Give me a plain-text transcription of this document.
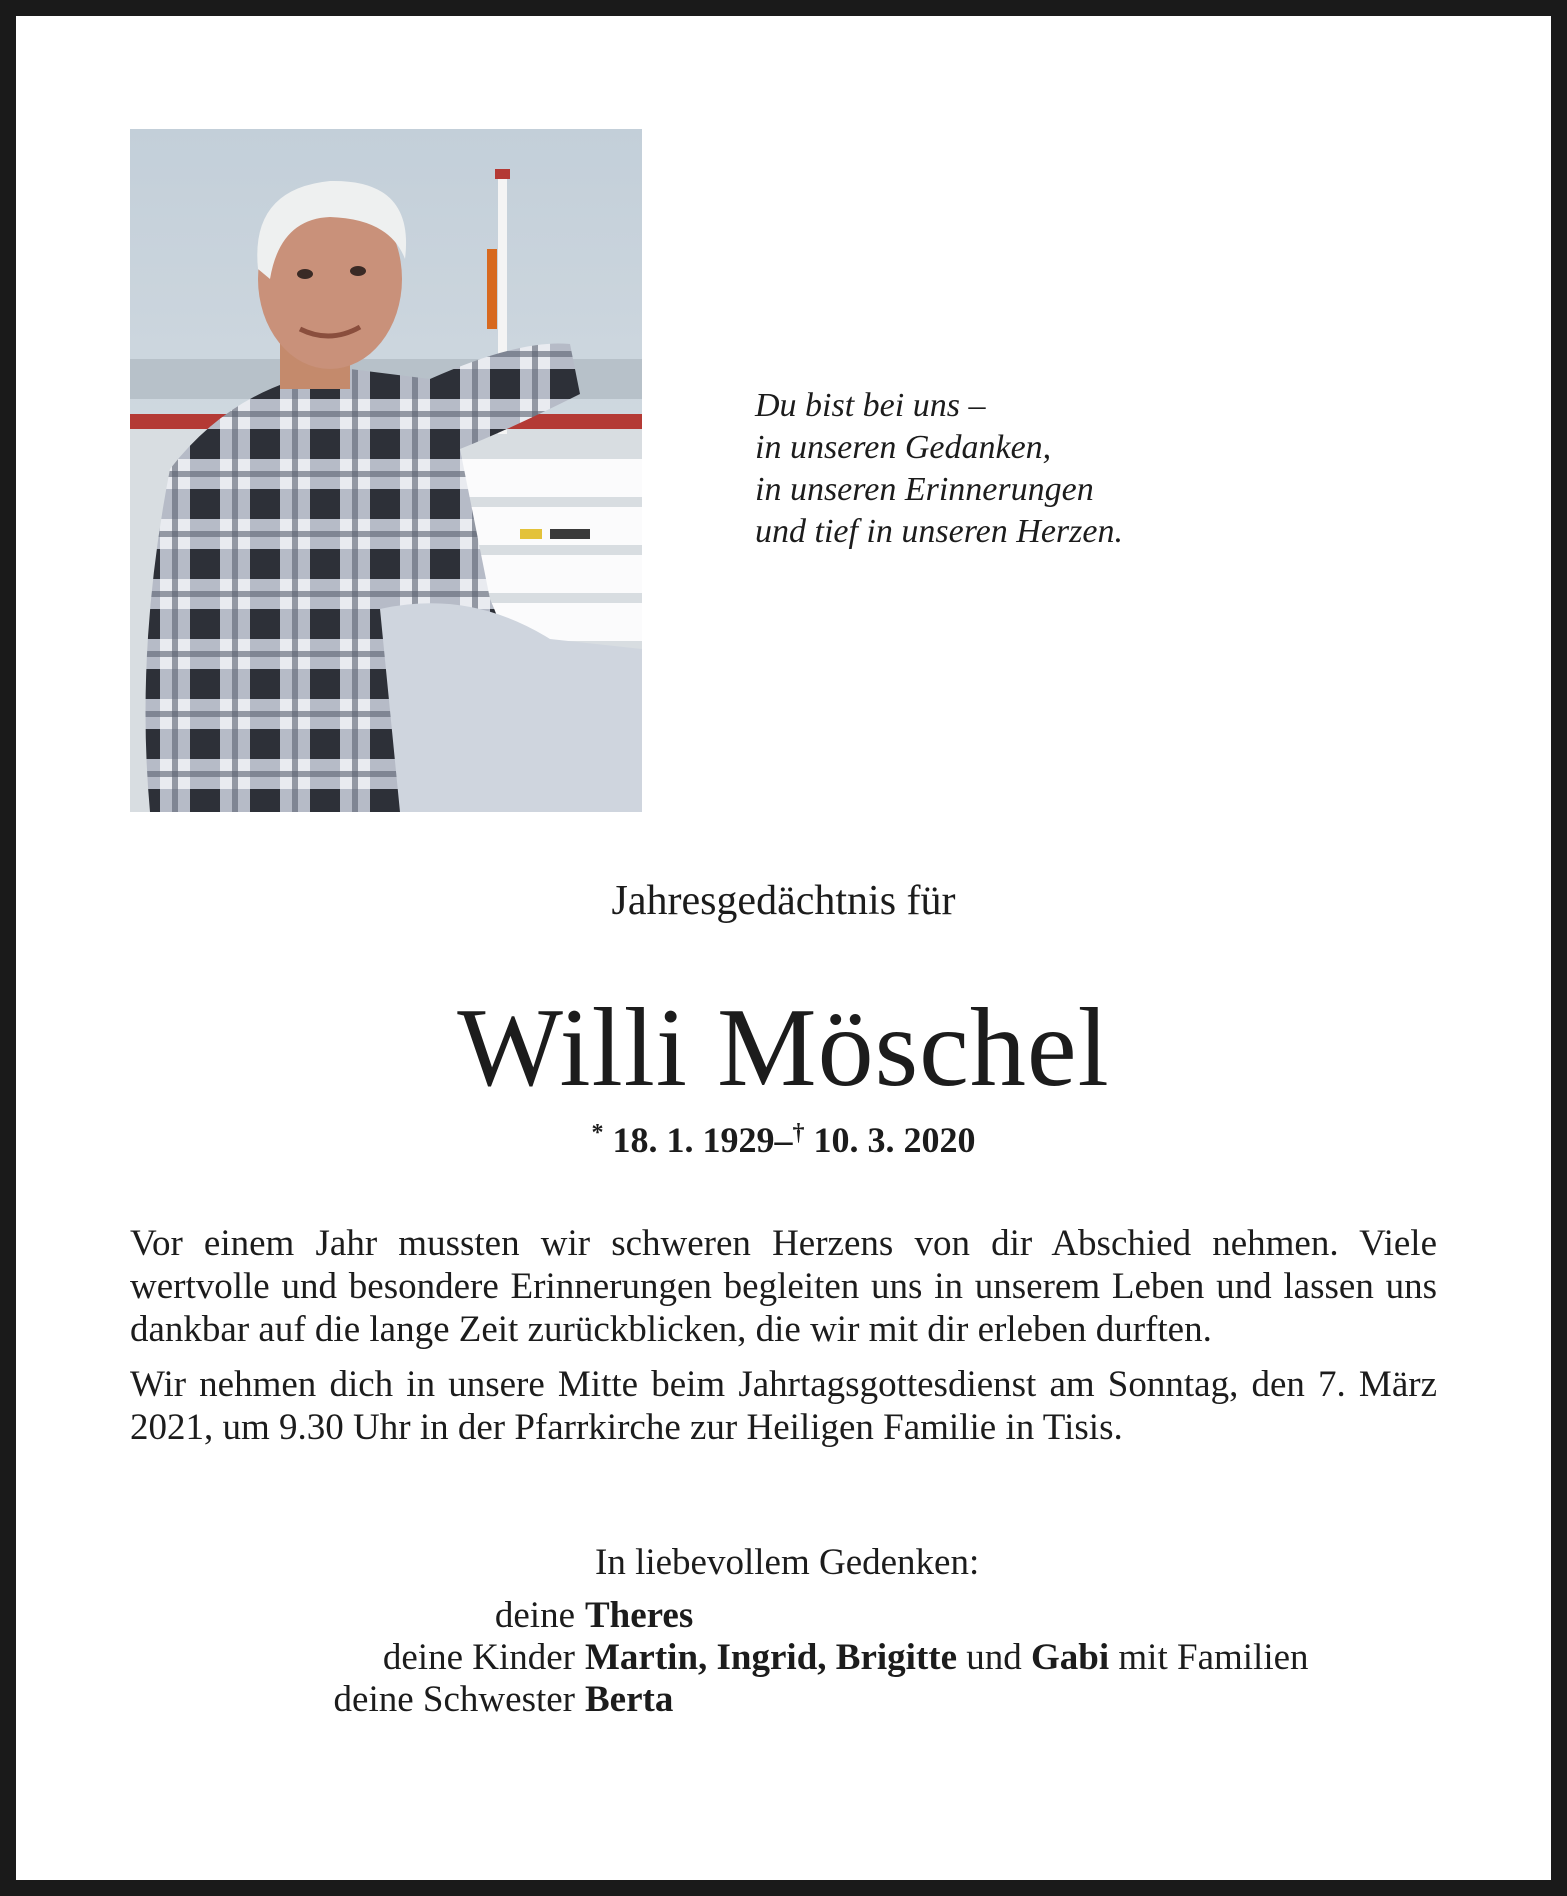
Du bist bei uns –
in unseren Gedanken,
in unseren Erinnerungen
und tief in unseren Herzen.
Jahresgedächtnis für
Willi Möschel
* 18. 1. 1929–† 10. 3. 2020

Vor einem Jahr mussten wir schweren Herzens von dir Abschied nehmen. Viele wertvolle und besondere Erinnerungen begleiten uns in unserem Leben und lassen uns dankbar auf die lange Zeit zurückblicken, die wir mit dir erleben durften.

Wir nehmen dich in unsere Mitte beim Jahrtagsgottesdienst am Sonntag, den 7. März 2021, um 9.30 Uhr in der Pfarrkirche zur Heiligen Familie in Tisis.

In liebevollem Gedenken:
deine Theres
deine Kinder Martin, Ingrid, Brigitte und Gabi mit Familien
deine Schwester Berta
